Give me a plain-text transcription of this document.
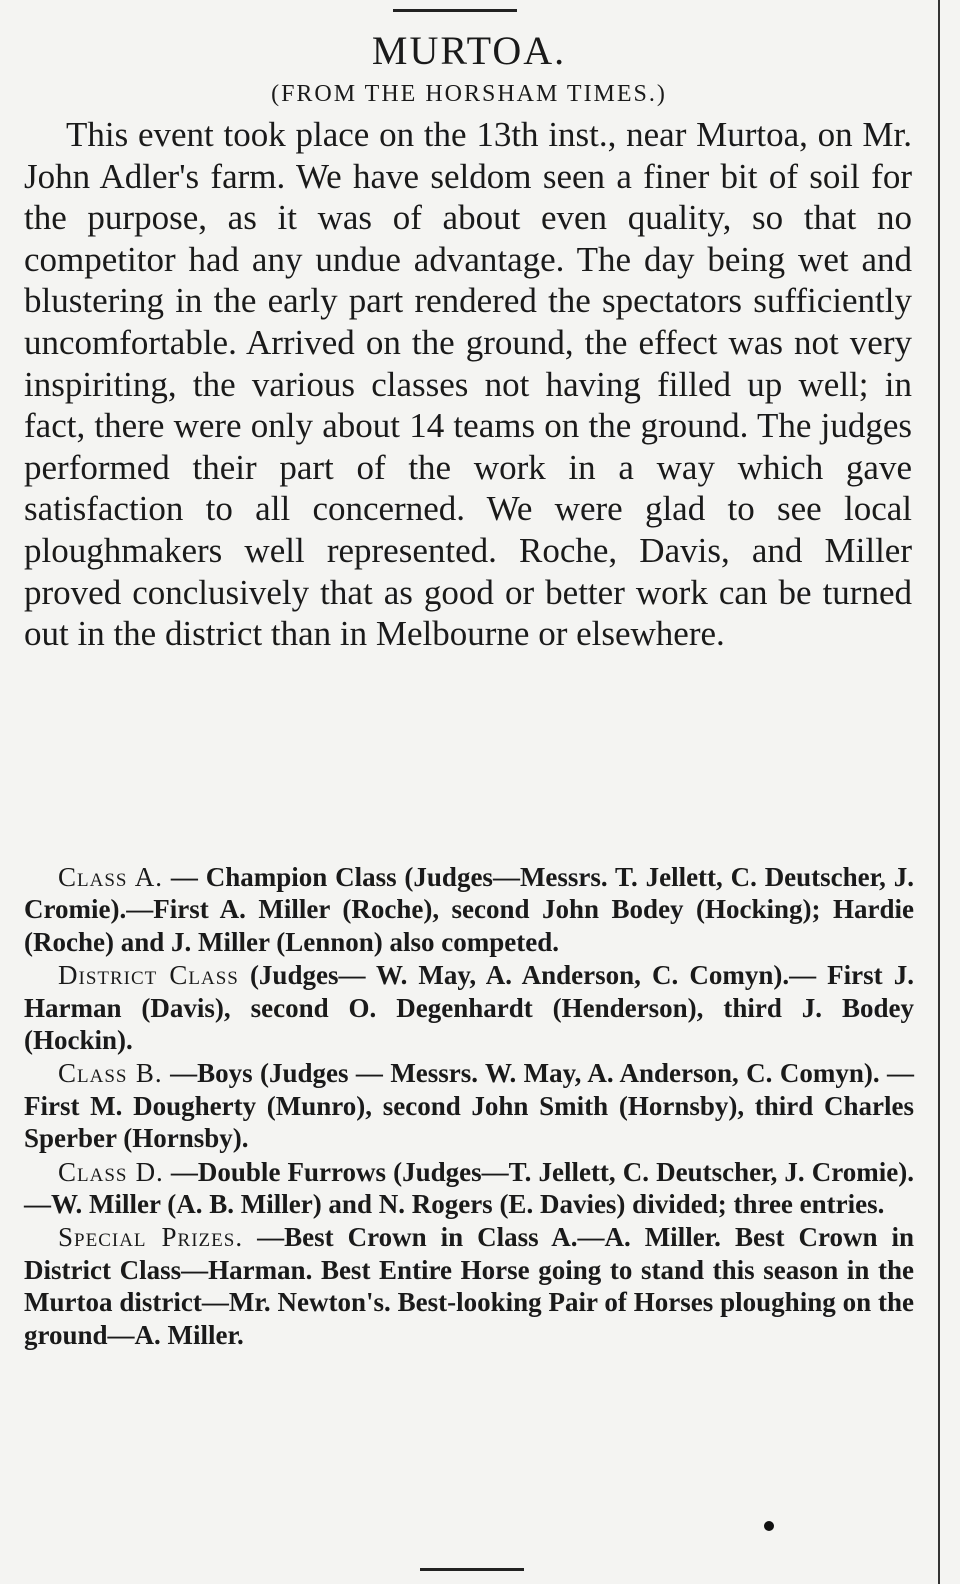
MURTOA.
(FROM THE HORSHAM TIMES.)

This event took place on the 13th inst., near Murtoa, on Mr. John Adler's farm. We have seldom seen a finer bit of soil for the purpose, as it was of about even quality, so that no competitor had any undue advantage. The day being wet and blustering in the early part rendered the spectators sufficiently uncomfortable. Arrived on the ground, the effect was not very inspiriting, the various classes not having filled up well; in fact, there were only about 14 teams on the ground. The judges performed their part of the work in a way which gave satisfaction to all concerned. We were glad to see local ploughmakers well represented. Roche, Davis, and Miller proved conclusively that as good or better work can be turned out in the district than in Melbourne or elsewhere.

Class A. — Champion Class (Judges—Messrs. T. Jellett, C. Deutscher, J. Cromie).—First A. Miller (Roche), second John Bodey (Hocking); Hardie (Roche) and J. Miller (Lennon) also competed.

District Class (Judges— W. May, A. Anderson, C. Comyn).— First J. Harman (Davis), second O. Degenhardt (Henderson), third J. Bodey (Hockin).

Class B. —Boys (Judges — Messrs. W. May, A. Anderson, C. Comyn). —First M. Dougherty (Munro), second John Smith (Hornsby), third Charles Sperber (Hornsby).

Class D. —Double Furrows (Judges—T. Jellett, C. Deutscher, J. Cromie).—W. Miller (A. B. Miller) and N. Rogers (E. Davies) divided; three entries.

Special Prizes. —Best Crown in Class A.—A. Miller. Best Crown in District Class—Harman. Best Entire Horse going to stand this season in the Murtoa district—Mr. Newton's. Best-looking Pair of Horses ploughing on the ground—A. Miller.
